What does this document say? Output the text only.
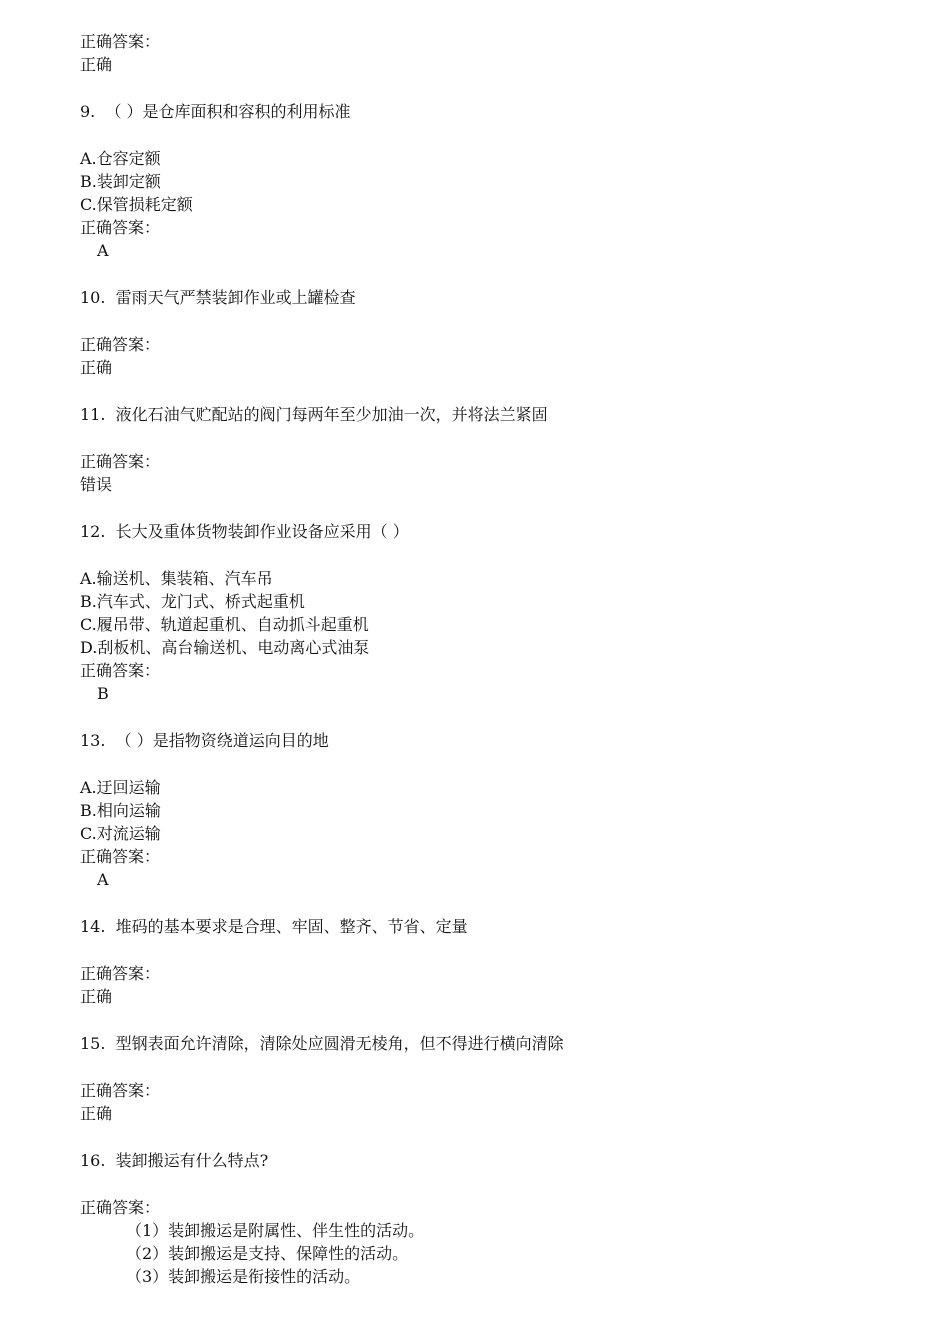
正确答案：
正确
9. （ ）是仓库面积和容积的利用标准
A.仓容定额
B.装卸定额
C.保管损耗定额
正确答案：
A
10. 雷雨天气严禁装卸作业或上罐检查
正确答案：
正确
11. 液化石油气贮配站的阀门每两年至少加油一次，并将法兰紧固
正确答案：
错误
12. 长大及重体货物装卸作业设备应采用（ ）
A.输送机、集装箱、汽车吊
B.汽车式、龙门式、桥式起重机
C.履吊带、轨道起重机、自动抓斗起重机
D.刮板机、高台输送机、电动离心式油泵
正确答案：
B
13. （ ）是指物资绕道运向目的地
A.迂回运输
B.相向运输
C.对流运输
正确答案：
A
14. 堆码的基本要求是合理、牢固、整齐、节省、定量
正确答案：
正确
15. 型钢表面允许清除，清除处应圆滑无棱角，但不得进行横向清除
正确答案：
正确
16. 装卸搬运有什么特点?
正确答案：
（1）装卸搬运是附属性、伴生性的活动。
（2）装卸搬运是支持、保障性的活动。
（3）装卸搬运是衔接性的活动。
